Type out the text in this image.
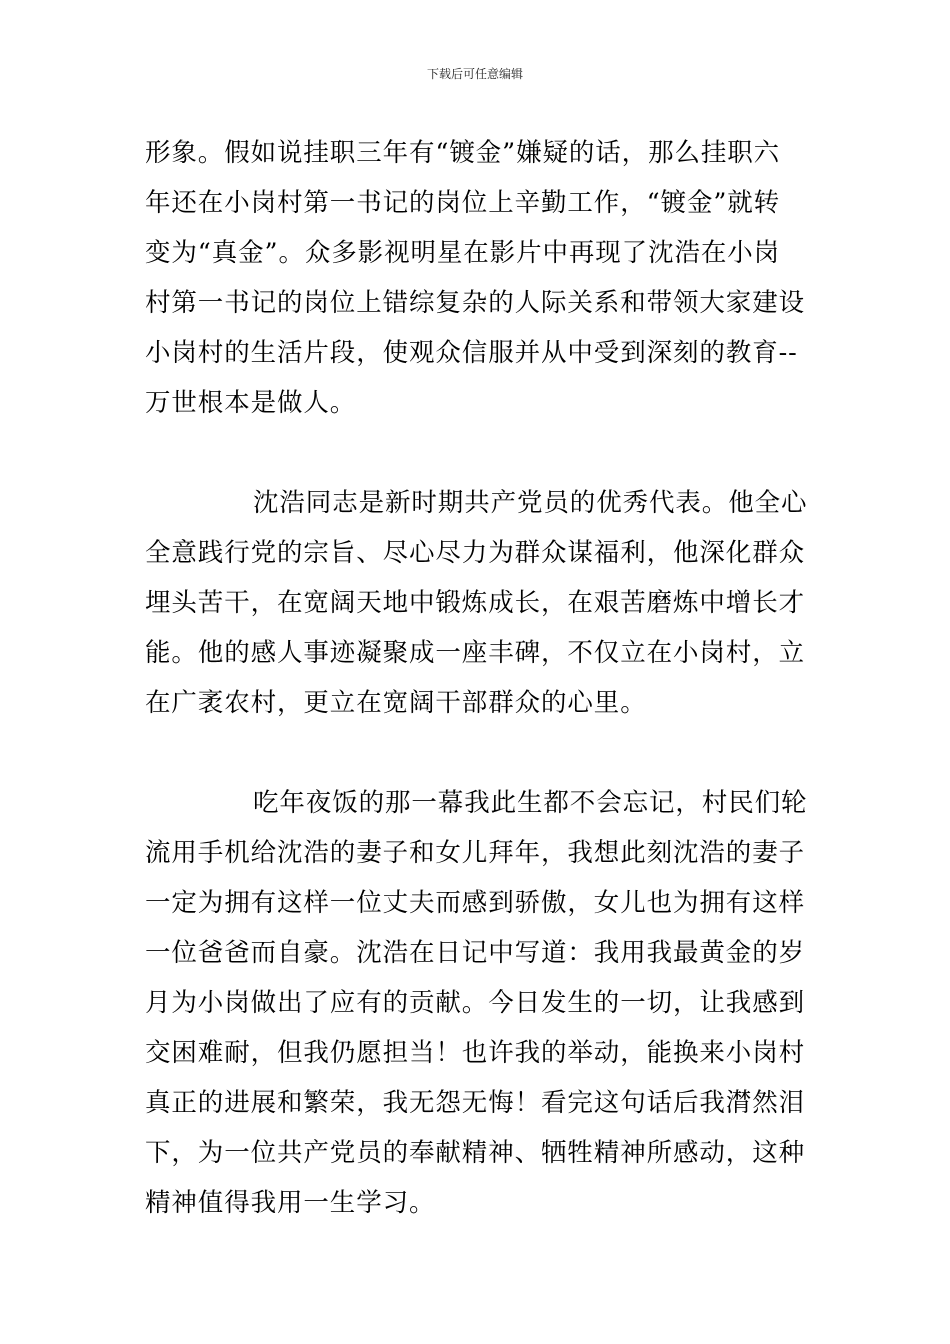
下载后可任意编辑
形象。假如说挂职三年有“镀金”嫌疑的话，那么挂职六
年还在小岗村第一书记的岗位上辛勤工作，“镀金”就转
变为“真金”。众多影视明星在影片中再现了沈浩在小岗
村第一书记的岗位上错综复杂的人际关系和带领大家建设
小岗村的生活片段，使观众信服并从中受到深刻的教育--
万世根本是做人。
沈浩同志是新时期共产党员的优秀代表。他全心
全意践行党的宗旨、尽心尽力为群众谋福利，他深化群众
埋头苦干，在宽阔天地中锻炼成长，在艰苦磨炼中增长才
能。他的感人事迹凝聚成一座丰碑，不仅立在小岗村，立
在广袤农村，更立在宽阔干部群众的心里。
吃年夜饭的那一幕我此生都不会忘记，村民们轮
流用手机给沈浩的妻子和女儿拜年，我想此刻沈浩的妻子
一定为拥有这样一位丈夫而感到骄傲，女儿也为拥有这样
一位爸爸而自豪。沈浩在日记中写道：我用我最黄金的岁
月为小岗做出了应有的贡献。今日发生的一切，让我感到
交困难耐，但我仍愿担当！也许我的举动，能换来小岗村
真正的进展和繁荣，我无怨无悔！看完这句话后我潸然泪
下，为一位共产党员的奉献精神、牺牲精神所感动，这种
精神值得我用一生学习。
